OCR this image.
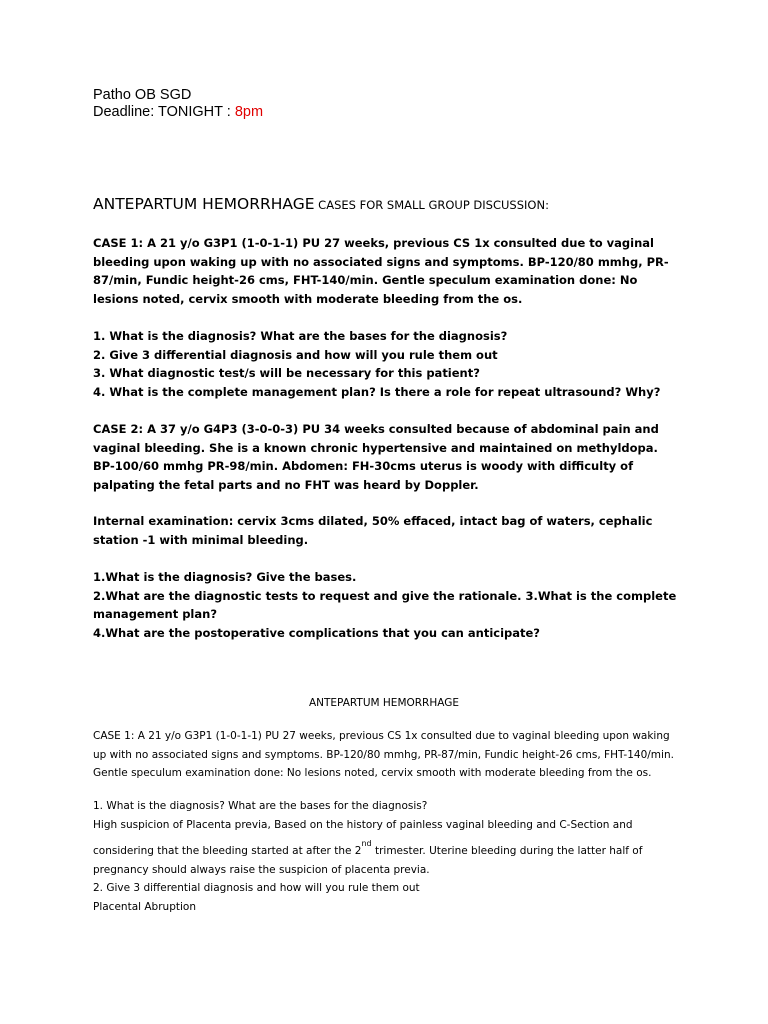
Patho OB SGD
Deadline: TONIGHT : 8pm
ANTEPARTUM HEMORRHAGE CASES FOR SMALL GROUP DISCUSSION:

CASE 1: A 21 y/o G3P1 (1-0-1-1) PU 27 weeks, previous CS 1x consulted due to vaginal bleeding upon waking up with no associated signs and symptoms. BP-120/80 mmhg, PR-87/min, Fundic height-26 cms, FHT-140/min. Gentle speculum examination done: No lesions noted, cervix smooth with moderate bleeding from the os.

1. What is the diagnosis? What are the bases for the diagnosis?

2. Give 3 differential diagnosis and how will you rule them out

3. What diagnostic test/s will be necessary for this patient?

4. What is the complete management plan? Is there a role for repeat ultrasound? Why?

CASE 2: A 37 y/o G4P3 (3-0-0-3) PU 34 weeks consulted because of abdominal pain and vaginal bleeding. She is a known chronic hypertensive and maintained on methyldopa. BP-100/60 mmhg PR-98/min. Abdomen: FH-30cms uterus is woody with difficulty of palpating the fetal parts and no FHT was heard by Doppler.

Internal examination: cervix 3cms dilated, 50% effaced, intact bag of waters, cephalic station -1 with minimal bleeding.

1.What is the diagnosis? Give the bases.

2.What are the diagnostic tests to request and give the rationale. 3.What is the complete management plan?

4.What are the postoperative complications that you can anticipate?

ANTEPARTUM HEMORRHAGE

CASE 1: A 21 y/o G3P1 (1-0-1-1) PU 27 weeks, previous CS 1x consulted due to vaginal bleeding upon waking up with no associated signs and symptoms. BP-120/80 mmhg, PR-87/min, Fundic height-26 cms, FHT-140/min. Gentle speculum examination done: No lesions noted, cervix smooth with moderate bleeding from the os.

1. What is the diagnosis? What are the bases for the diagnosis?

High suspicion of Placenta previa, Based on the history of painless vaginal bleeding and C-Section and

considering that the bleeding started at after the 2nd trimester. Uterine bleeding during the latter half of

pregnancy should always raise the suspicion of placenta previa.

2. Give 3 differential diagnosis and how will you rule them out

Placental Abruption
